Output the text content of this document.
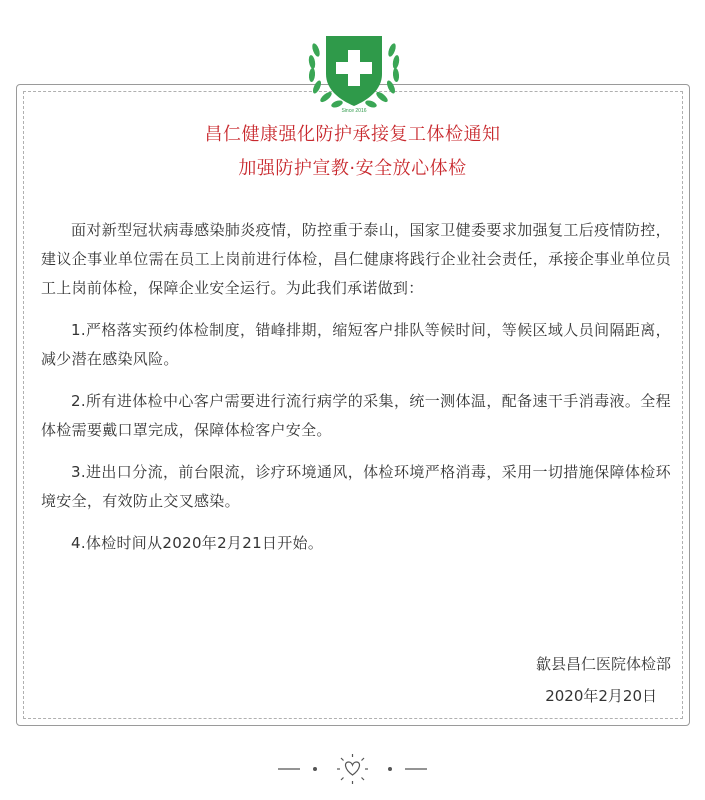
Since 2016
昌仁健康强化防护承接复工体检通知
加强防护宣教·安全放心体检

面对新型冠状病毒感染肺炎疫情，防控重于泰山，国家卫健委要求加强复工后疫情防控，建议企事业单位需在员工上岗前进行体检，昌仁健康将践行企业社会责任，承接企事业单位员工上岗前体检，保障企业安全运行。为此我们承诺做到：

1.严格落实预约体检制度，错峰排期，缩短客户排队等候时间，等候区域人员间隔距离，减少潜在感染风险。

2.所有进体检中心客户需要进行流行病学的采集，统一测体温，配备速干手消毒液。全程体检需要戴口罩完成，保障体检客户安全。

3.进出口分流，前台限流，诊疗环境通风，体检环境严格消毒，采用一切措施保障体检环境安全，有效防止交叉感染。

4.体检时间从2020年2月21日开始。

歙县昌仁医院体检部
2020年2月20日
